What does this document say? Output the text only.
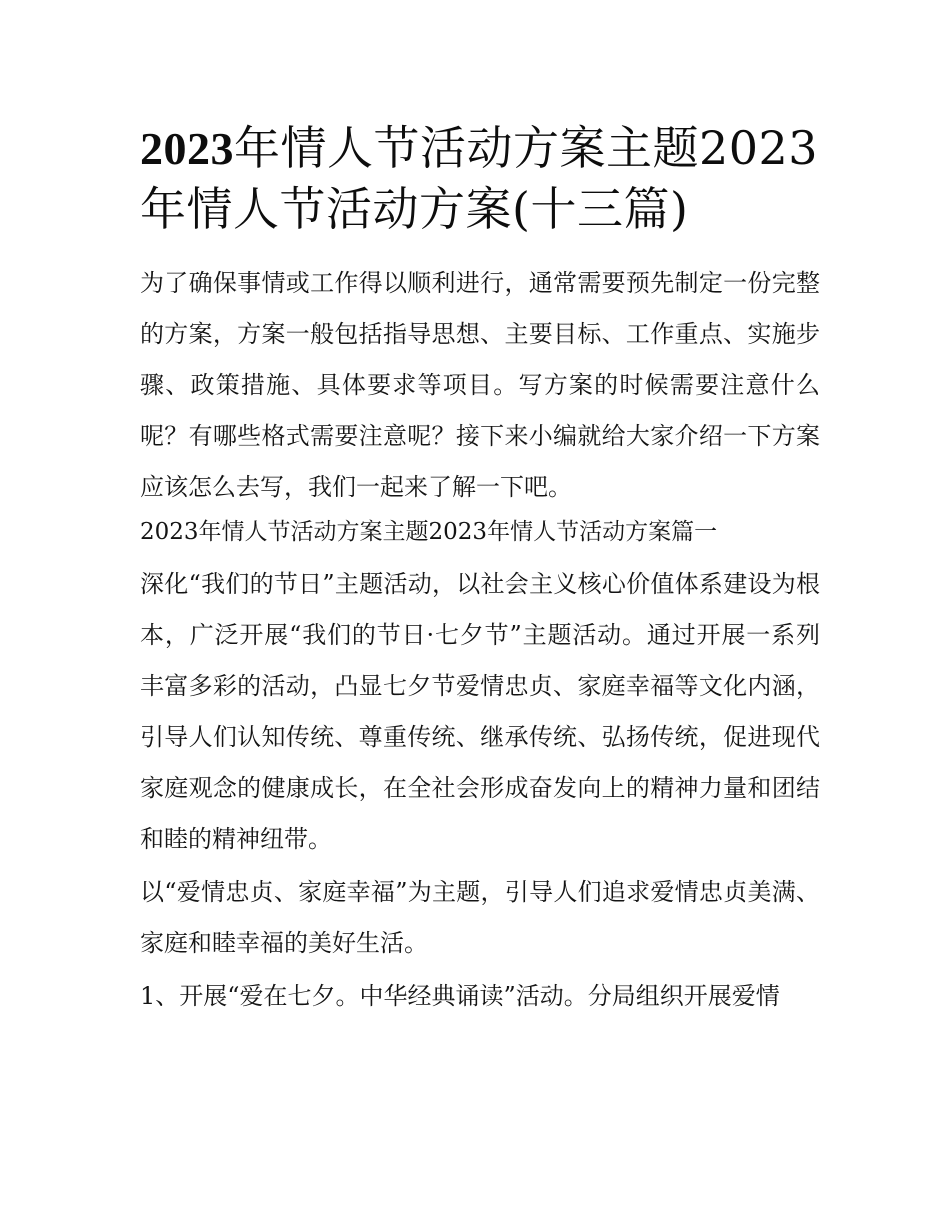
2023年情人节活动方案主题2023年情人节活动方案(十三篇)

为了确保事情或工作得以顺利进行，通常需要预先制定一份完整的方案，方案一般包括指导思想、主要目标、工作重点、实施步骤、政策措施、具体要求等项目。写方案的时候需要注意什么呢？有哪些格式需要注意呢？接下来小编就给大家介绍一下方案应该怎么去写，我们一起来了解一下吧。

2023年情人节活动方案主题2023年情人节活动方案篇一

深化“我们的节日”主题活动，以社会主义核心价值体系建设为根本，广泛开展“我们的节日·七夕节”主题活动。通过开展一系列丰富多彩的活动，凸显七夕节爱情忠贞、家庭幸福等文化内涵，引导人们认知传统、尊重传统、继承传统、弘扬传统，促进现代家庭观念的健康成长，在全社会形成奋发向上的精神力量和团结和睦的精神纽带。

以“爱情忠贞、家庭幸福”为主题，引导人们追求爱情忠贞美满、家庭和睦幸福的美好生活。

1、开展“爱在七夕。中华经典诵读”活动。分局组织开展爱情
